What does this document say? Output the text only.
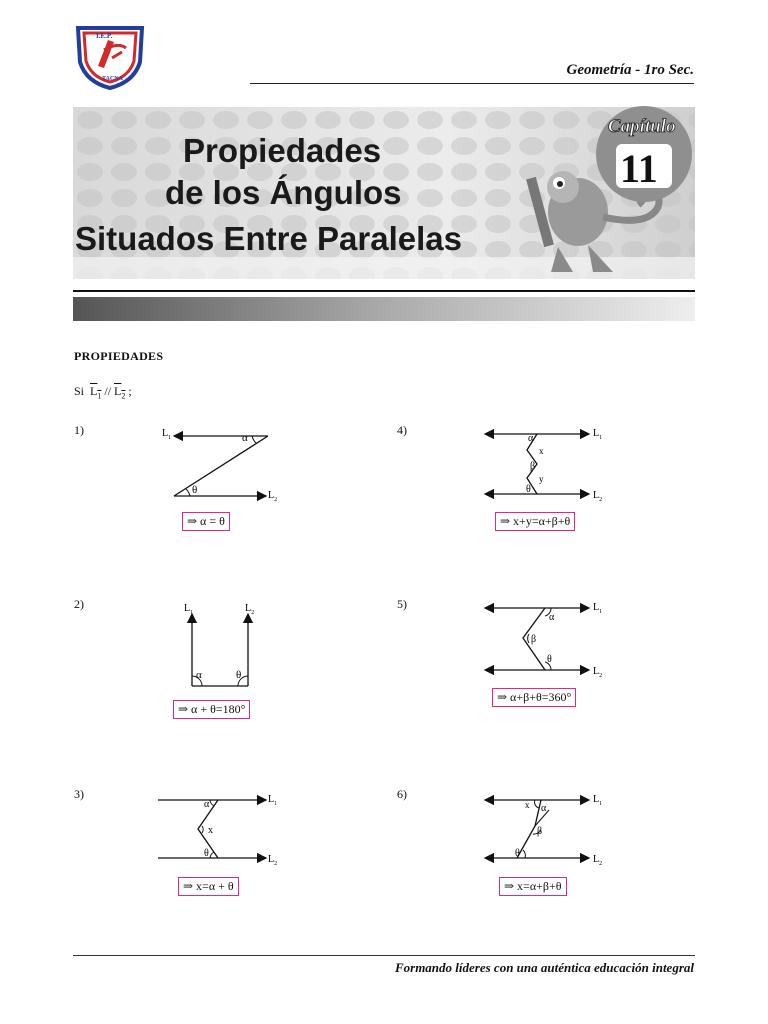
I.E.P.
TACNA
Geometría - 1ro Sec.
Propiedades
de los Ángulos
Situados Entre Paralelas
Capítulo
11
PROPIEDADES
Si $L_1 // L_2$ ;
1)
2)
3)
4)
5)
6)
$L_1$
$L_2$
α
θ
⇒ α = θ
$L_1$	$L_2$
α	θ
⇒ α + θ=180°
$L_1$
$L_2$
α
x
θ
⇒ x=α + θ
$L_1$
$L_2$
α
x
β
y
θ
⇒ x+y=α+β+θ
$L_1$
$L_2$
α
β
θ
⇒ α+β+θ=360°
$L_1$
$L_2$
x α
β
θ
⇒ x=α+β+θ
Formando líderes con una auténtica educación integral
